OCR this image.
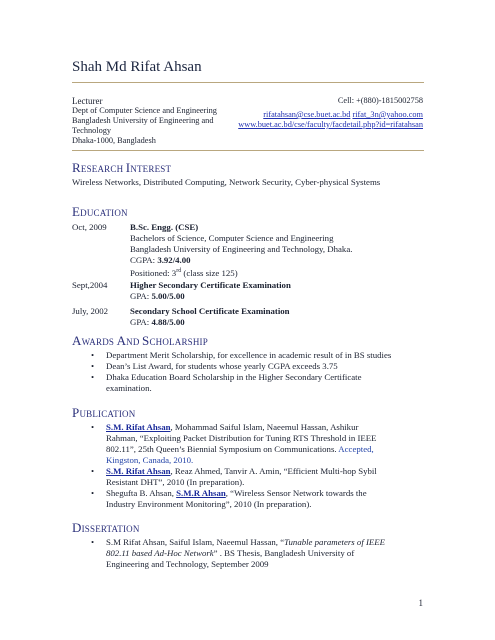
Shah Md Rifat Ahsan
Lecturer
Dept of Computer Science and Engineering
Bangladesh University of Engineering and
Technology
Dhaka-1000, Bangladesh
Cell: +(880)-1815002758
rifatahsan@cse.buet.ac.bd rifat_3n@yahoo.com
www.buet.ac.bd/cse/faculty/facdetail.php?id=rifatahsan
RESEARCH INTEREST
Wireless Networks, Distributed Computing, Network Security, Cyber-physical Systems
EDUCATION
Oct, 2009	B.Sc. Engg. (CSE)
Bachelors of Science, Computer Science and Engineering
Bangladesh University of Engineering and Technology, Dhaka.
CGPA: 3.92/4.00
Positioned: 3rd (class size 125)
Sept,2004	Higher Secondary Certificate Examination
GPA: 5.00/5.00
July, 2002 Secondary School Certificate Examination
GPA: 4.88/5.00
AWARDS AND SCHOLARSHIP
• Department Merit Scholarship, for excellence in academic result of in BS studies
• Dean’s List Award, for students whose yearly CGPA exceeds 3.75
• Dhaka Education Board Scholarship in the Higher Secondary Certificate
examination.
PUBLICATION
• S.M. Rifat Ahsan, Mohammad Saiful Islam, Naeemul Hassan, Ashikur
Rahman, “Exploiting Packet Distribution for Tuning RTS Threshold in IEEE
802.11”, 25th Queen’s Biennial Symposium on Communications. Accepted,
Kingston, Canada, 2010.
• S.M. Rifat Ahsan, Reaz Ahmed, Tanvir A. Amin, “Efficient Multi-hop Sybil
Resistant DHT”, 2010 (In preparation).
• Shegufta B. Ahsan, S.M.R Ahsan, “Wireless Sensor Network towards the
Industry Environment Monitoring”, 2010 (In preparation).
DISSERTATION
• S.M Rifat Ahsan, Saiful Islam, Naeemul Hassan, “Tunable parameters of IEEE
802.11 based Ad-Hoc Network” . BS Thesis, Bangladesh University of
Engineering and Technology, September 2009
1
